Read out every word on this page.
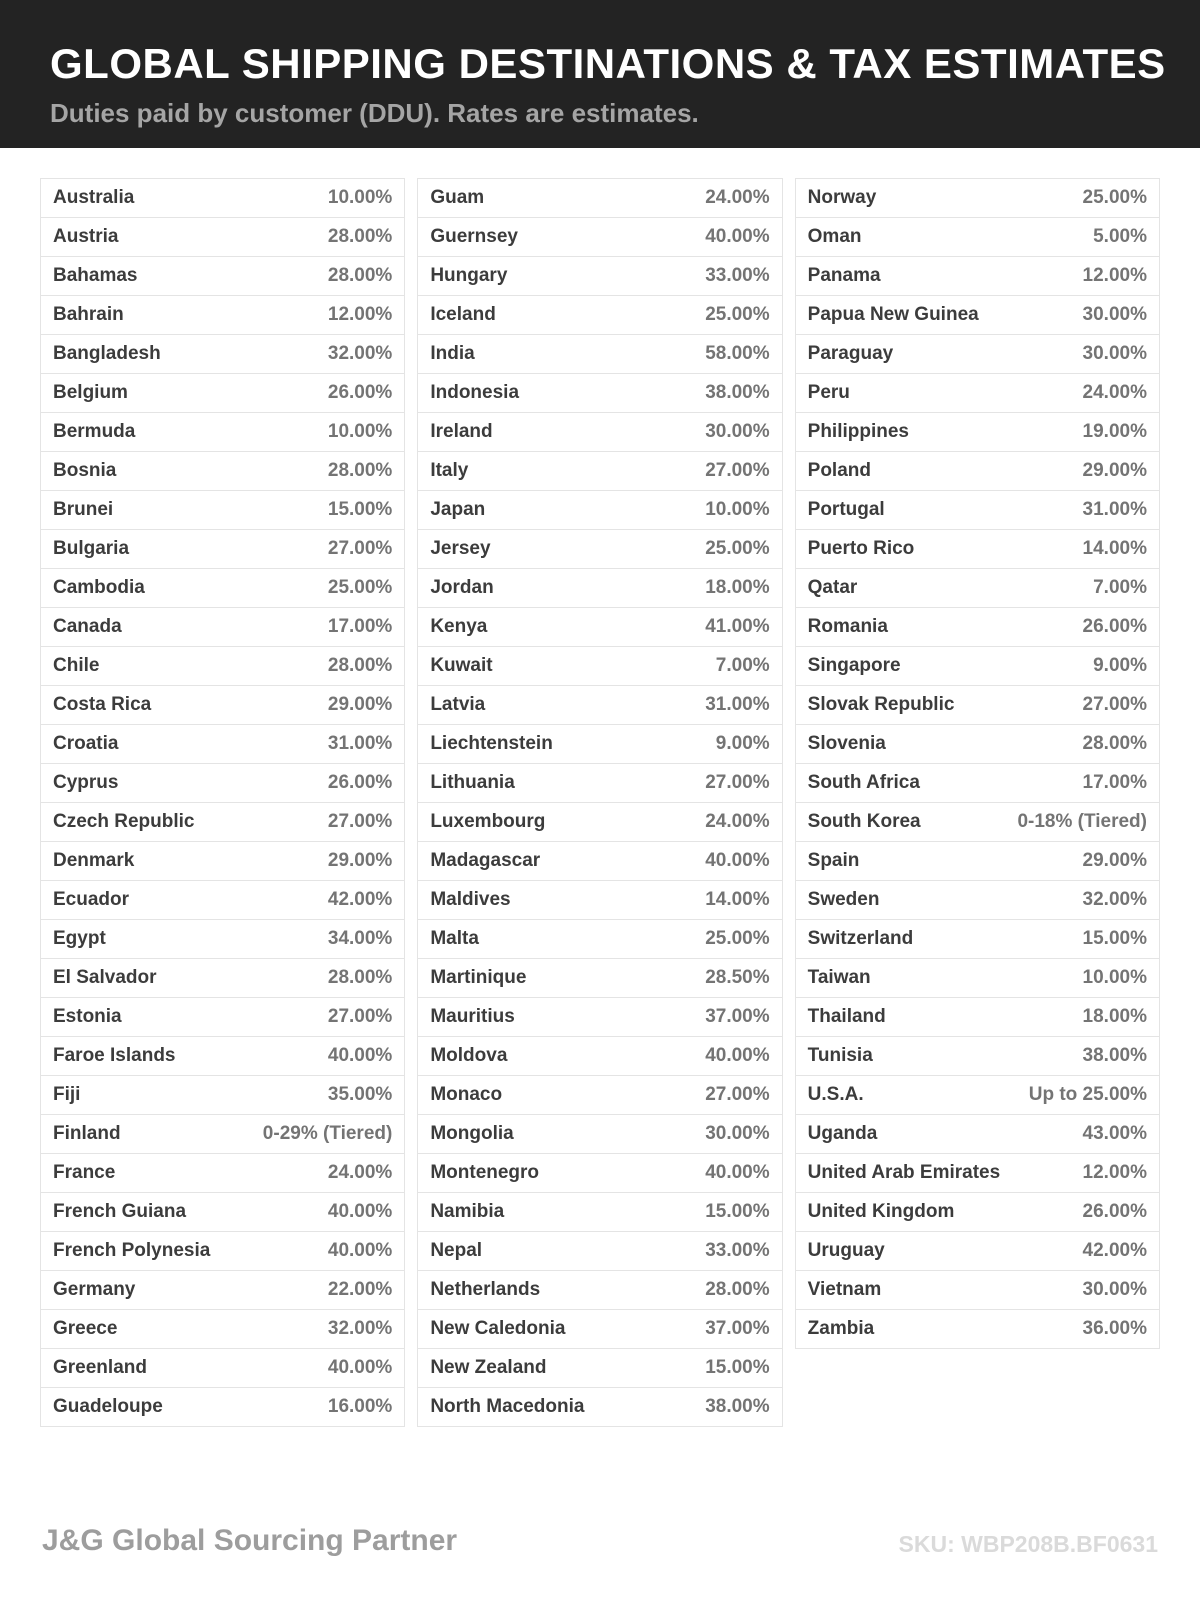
GLOBAL SHIPPING DESTINATIONS & TAX ESTIMATES
Duties paid by customer (DDU). Rates are estimates.
Australia	10.00%
Austria	28.00%
Bahamas	28.00%
Bahrain	12.00%
Bangladesh	32.00%
Belgium	26.00%
Bermuda	10.00%
Bosnia	28.00%
Brunei	15.00%
Bulgaria	27.00%
Cambodia	25.00%
Canada	17.00%
Chile	28.00%
Costa Rica	29.00%
Croatia	31.00%
Cyprus	26.00%
Czech Republic	27.00%
Denmark	29.00%
Ecuador	42.00%
Egypt	34.00%
El Salvador	28.00%
Estonia	27.00%
Faroe Islands	40.00%
Fiji	35.00%
Finland	0-29% (Tiered)
France	24.00%
French Guiana	40.00%
French Polynesia	40.00%
Germany	22.00%
Greece	32.00%
Greenland	40.00%
Guadeloupe	16.00%
Guam	24.00%
Guernsey	40.00%
Hungary	33.00%
Iceland	25.00%
India	58.00%
Indonesia	38.00%
Ireland	30.00%
Italy	27.00%
Japan	10.00%
Jersey	25.00%
Jordan	18.00%
Kenya	41.00%
Kuwait	7.00%
Latvia	31.00%
Liechtenstein	9.00%
Lithuania	27.00%
Luxembourg	24.00%
Madagascar	40.00%
Maldives	14.00%
Malta	25.00%
Martinique	28.50%
Mauritius	37.00%
Moldova	40.00%
Monaco	27.00%
Mongolia	30.00%
Montenegro	40.00%
Namibia	15.00%
Nepal	33.00%
Netherlands	28.00%
New Caledonia	37.00%
New Zealand	15.00%
North Macedonia	38.00%
Norway	25.00%
Oman	5.00%
Panama	12.00%
Papua New Guinea	30.00%
Paraguay	30.00%
Peru	24.00%
Philippines	19.00%
Poland	29.00%
Portugal	31.00%
Puerto Rico	14.00%
Qatar	7.00%
Romania	26.00%
Singapore	9.00%
Slovak Republic	27.00%
Slovenia	28.00%
South Africa	17.00%
South Korea	0-18% (Tiered)
Spain	29.00%
Sweden	32.00%
Switzerland	15.00%
Taiwan	10.00%
Thailand	18.00%
Tunisia	38.00%
U.S.A.	Up to 25.00%
Uganda	43.00%
United Arab Emirates	12.00%
United Kingdom	26.00%
Uruguay	42.00%
Vietnam	30.00%
Zambia	36.00%
J&G Global Sourcing Partner	SKU: WBP208B.BF0631
